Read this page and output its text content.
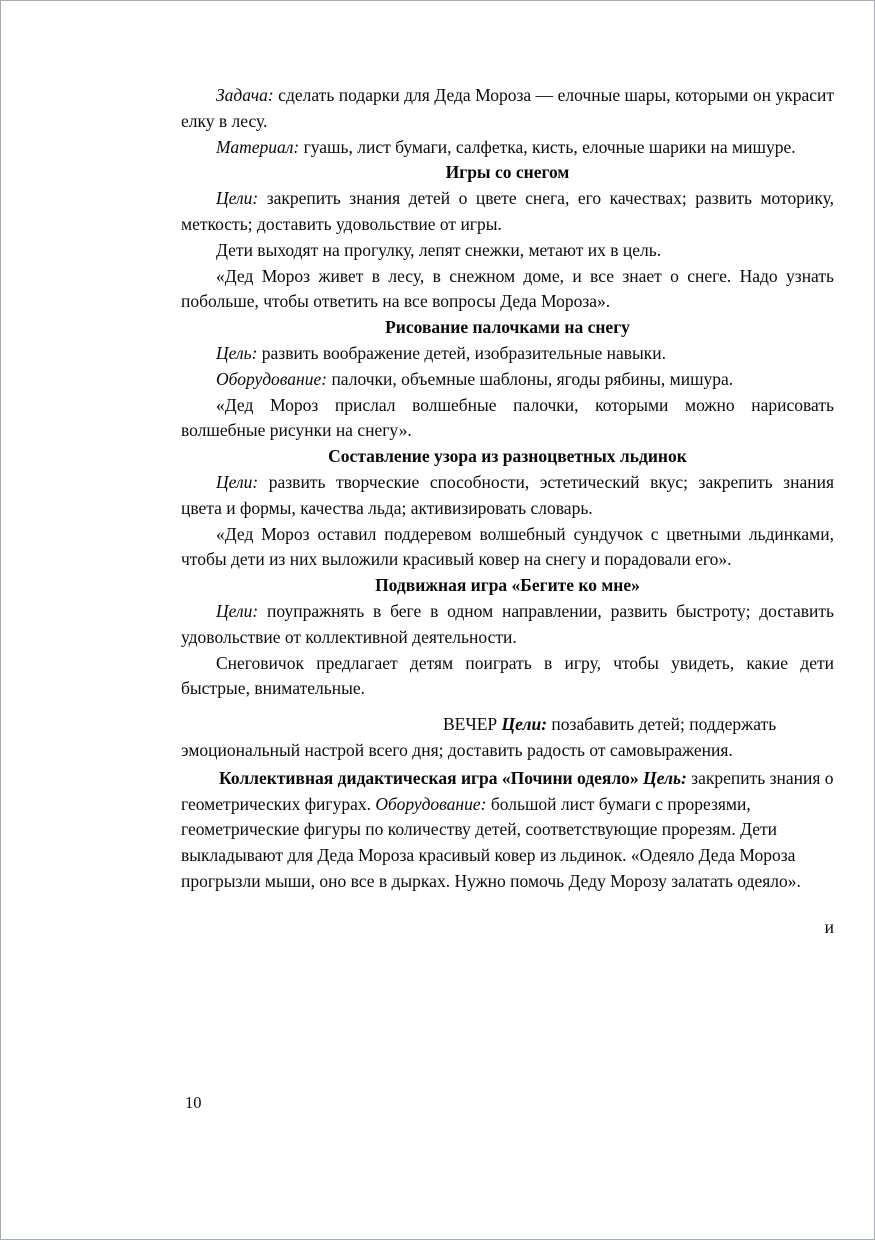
Задача: сделать подарки для Деда Мороза — елочные шары, которыми он украсит елку в лесу.

Материал: гуашь, лист бумаги, салфетка, кисть, елочные шарики на мишуре.

Игры со снегом

Цели: закрепить знания детей о цвете снега, его качествах; развить моторику, меткость; доставить удовольствие от игры.

Дети выходят на прогулку, лепят снежки, метают их в цель.

«Дед Мороз живет в лесу, в снежном доме, и все знает о снеге. Надо узнать побольше, чтобы ответить на все вопросы Деда Мороза».

Рисование палочками на снегу

Цель: развить воображение детей, изобразительные навыки.

Оборудование: палочки, объемные шаблоны, ягоды рябины, мишура.

«Дед Мороз прислал волшебные палочки, которыми можно нарисовать волшебные рисунки на снегу».

Составление узора из разноцветных льдинок

Цели: развить творческие способности, эстетический вкус; закрепить знания цвета и формы, качества льда; активизировать словарь.

«Дед Мороз оставил поддеревом волшебный сундучок с цветными льдинками, чтобы дети из них выложили красивый ковер на снегу и порадовали его».

Подвижная игра «Бегите ко мне»

Цели: поупражнять в беге в одном направлении, развить быстроту; доставить удовольствие от коллективной деятельности.

Снеговичок предлагает детям поиграть в игру, чтобы увидеть, какие дети быстрые, внимательные.

ВЕЧЕР Цели: позабавить детей; поддержать эмоциональный настрой всего дня; доставить радость от самовыражения.

Коллективная дидактическая игра «Почини одеяло» Цель: закрепить знания о геометрических фигурах. Оборудование: большой лист бумаги с прорезями, геометрические фигуры по количеству детей, соответствующие прорезям. Дети выкладывают для Деда Мороза красивый ковер из льдинок. «Одеяло Деда Мороза прогрызли мыши, оно все в дырках. Нужно помочь Деду Морозу залатать одеяло».

и

10
